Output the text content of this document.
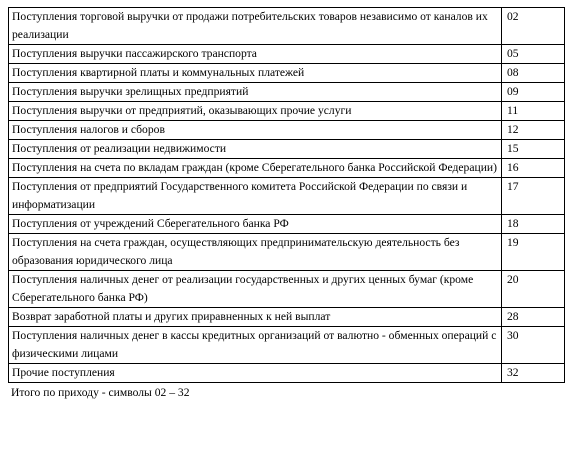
Поступления торговой выручки от продажи потребительских товаров независимо от каналов их реализации	02
Поступления выручки пассажирского транспорта	05
Поступления квартирной платы и коммунальных платежей	08
Поступления выручки зрелищных предприятий	09
Поступления выручки от предприятий, оказывающих прочие услуги	11
Поступления налогов и сборов	12
Поступления от реализации недвижимости	15
Поступления на счета по вкладам граждан (кроме Сберегательного банка Российской Федерации)	16
Поступления от предприятий Государственного комитета Российской Федерации по связи и информатизации	17
Поступления от учреждений Сберегательного банка РФ	18
Поступления на счета граждан, осуществляющих предпринимательскую деятельность без образования юридического лица	19
Поступления наличных денег от реализации государственных и других ценных бумаг (кроме Сберегательного банка РФ)	20
Возврат заработной платы и других приравненных к ней выплат	28
Поступления наличных денег в кассы кредитных организаций от валютно - обменных операций с физическими лицами	30
Прочие поступления	32
Итого по приходу - символы 02 – 32
